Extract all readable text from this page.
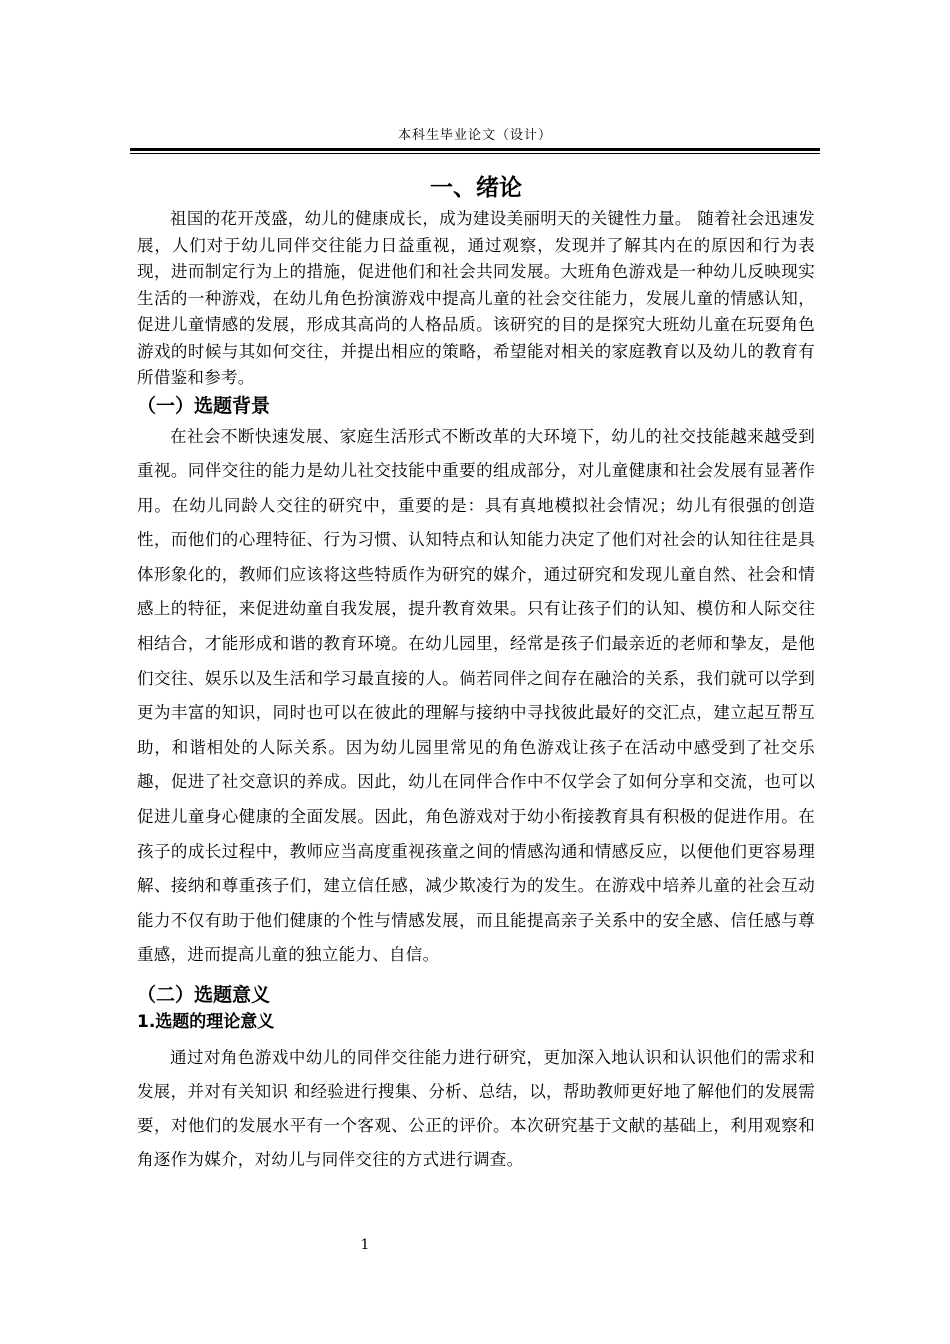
本科生毕业论文（设计）
一、绪论

祖国的花开茂盛，幼儿的健康成长，成为建设美丽明天的关键性力量。 随着社会迅速发展，人们对于幼儿同伴交往能力日益重视，通过观察，发现并了解其内在的原因和行为表现，进而制定行为上的措施，促进他们和社会共同发展。大班角色游戏是一种幼儿反映现实生活的一种游戏，在幼儿角色扮演游戏中提高儿童的社会交往能力，发展儿童的情感认知，促进儿童情感的发展，形成其高尚的人格品质。该研究的目的是探究大班幼儿童在玩耍角色游戏的时候与其如何交往，并提出相应的策略，希望能对相关的家庭教育以及幼儿的教育有所借鉴和参考。

（一）选题背景

在社会不断快速发展、家庭生活形式不断改革的大环境下，幼儿的社交技能越来越受到重视。同伴交往的能力是幼儿社交技能中重要的组成部分，对儿童健康和社会发展有显著作用。在幼儿同龄人交往的研究中，重要的是：具有真地模拟社会情况；幼儿有很强的创造性，而他们的心理特征、行为习惯、认知特点和认知能力决定了他们对社会的认知往往是具体形象化的，教师们应该将这些特质作为研究的媒介，通过研究和发现儿童自然、社会和情感上的特征，来促进幼童自我发展，提升教育效果。只有让孩子们的认知、模仿和人际交往相结合，才能形成和谐的教育环境。在幼儿园里，经常是孩子们最亲近的老师和挚友，是他们交往、娱乐以及生活和学习最直接的人。倘若同伴之间存在融洽的关系，我们就可以学到更为丰富的知识，同时也可以在彼此的理解与接纳中寻找彼此最好的交汇点，建立起互帮互助，和谐相处的人际关系。因为幼儿园里常见的角色游戏让孩子在活动中感受到了社交乐趣，促进了社交意识的养成。因此，幼儿在同伴合作中不仅学会了如何分享和交流，也可以促进儿童身心健康的全面发展。因此，角色游戏对于幼小衔接教育具有积极的促进作用。在孩子的成长过程中，教师应当高度重视孩童之间的情感沟通和情感反应，以便他们更容易理解、接纳和尊重孩子们，建立信任感，减少欺凌行为的发生。在游戏中培养儿童的社会互动能力不仅有助于他们健康的个性与情感发展，而且能提高亲子关系中的安全感、信任感与尊重感，进而提高儿童的独立能力、自信。

（二）选题意义
1.选题的理论意义

通过对角色游戏中幼儿的同伴交往能力进行研究，更加深入地认识和认识他们的需求和发展，并对有关知识 和经验进行搜集、分析、总结，以，帮助教师更好地了解他们的发展需要，对他们的发展水平有一个客观、公正的评价。本次研究基于文献的基础上，利用观察和角逐作为媒介，对幼儿与同伴交往的方式进行调查。

1
